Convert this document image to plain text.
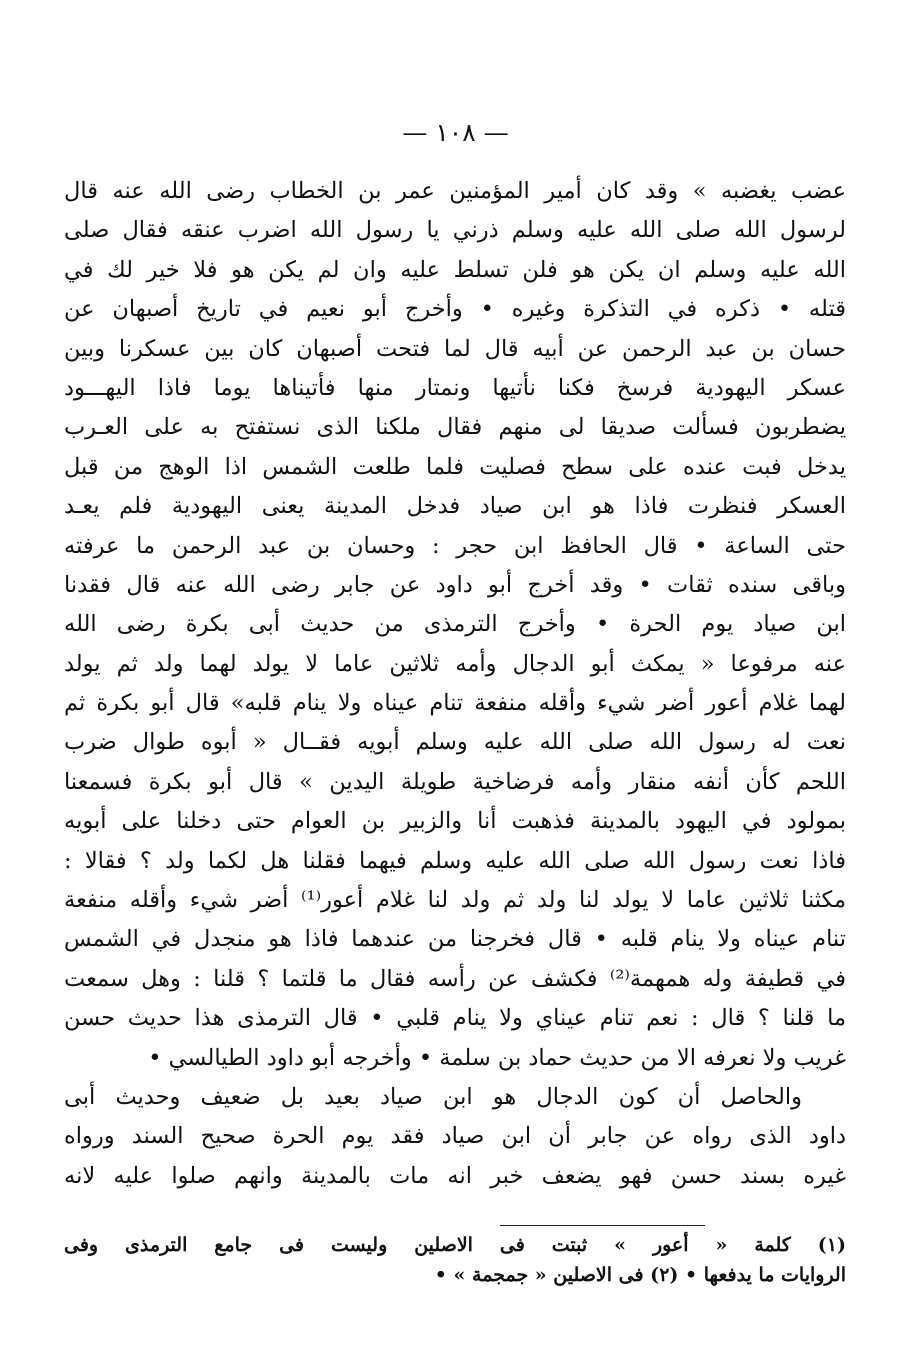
— ١٠٨ —
عضب يغضبه » وقد كان أمير المؤمنين عمر بن الخطاب رضى الله عنه قال
لرسول الله صلى الله عليه وسلم ذرني يا رسول الله اضرب عنقه فقال صلى
الله عليه وسلم ان يكن هو فلن تسلط عليه وان لم يكن هو فلا خير لك في
قتله • ذكره في التذكرة وغيره • وأخرج أبو نعيم في تاريخ أصبهان عن
حسان بن عبد الرحمن عن أبيه قال لما فتحت أصبهان كان بين عسكرنا وبين
عسكر اليهودية فرسخ فكنا نأتيها ونمتار منها فأتيناها يوما فاذا اليهـــود
يضطربون فسألت صديقا لى منهم فقال ملكنا الذى نستفتح به على العـرب
يدخل فبت عنده على سطح فصليت فلما طلعت الشمس اذا الوهج من قبل
العسكر فنظرت فاذا هو ابن صياد فدخل المدينة يعنى اليهودية فلم يعـد
حتى الساعة • قال الحافظ ابن حجر : وحسان بن عبد الرحمن ما عرفته
وباقى سنده ثقات • وقد أخرج أبو داود عن جابر رضى الله عنه قال فقدنا
ابن صياد يوم الحرة • وأخرج الترمذى من حديث أبى بكرة رضى الله
عنه مرفوعا « يمكث أبو الدجال وأمه ثلاثين عاما لا يولد لهما ولد ثم يولد
لهما غلام أعور أضر شيء وأقله منفعة تنام عيناه ولا ينام قلبه» قال أبو بكرة ثم
نعت له رسول الله صلى الله عليه وسلم أبويه فقــال « أبوه طوال ضرب
اللحم كأن أنفه منقار وأمه فرضاخية طويلة اليدين » قال أبو بكرة فسمعنا
بمولود في اليهود بالمدينة فذهبت أنا والزبير بن العوام حتى دخلنا على أبويه
فاذا نعت رسول الله صلى الله عليه وسلم فيهما فقلنا هل لكما ولد ؟ فقالا :
مكثنا ثلاثين عاما لا يولد لنا ولد ثم ولد لنا غلام أعور⁽¹⁾ أضر شيء وأقله منفعة
تنام عيناه ولا ينام قلبه • قال فخرجنا من عندهما فاذا هو منجدل في الشمس
في قطيفة وله همهمة⁽²⁾ فكشف عن رأسه فقال ما قلتما ؟ قلنا : وهل سمعت
ما قلنا ؟ قال : نعم تنام عيناي ولا ينام قلبي • قال الترمذى هذا حديث حسن
غريب ولا نعرفه الا من حديث حماد بن سلمة • وأخرجه أبو داود الطيالسي •
والحاصل أن كون الدجال هو ابن صياد بعيد بل ضعيف وحديث أبى
داود الذى رواه عن جابر أن ابن صياد فقد يوم الحرة صحيح السند ورواه
غيره بسند حسن فهو يضعف خبر انه مات بالمدينة وانهم صلوا عليه لانه
(١) كلمة « أعور » ثبتت فى الاصلين وليست فى جامع الترمذى وفى
الروايات ما يدفعها • (٢) فى الاصلين « جمجمة » •
